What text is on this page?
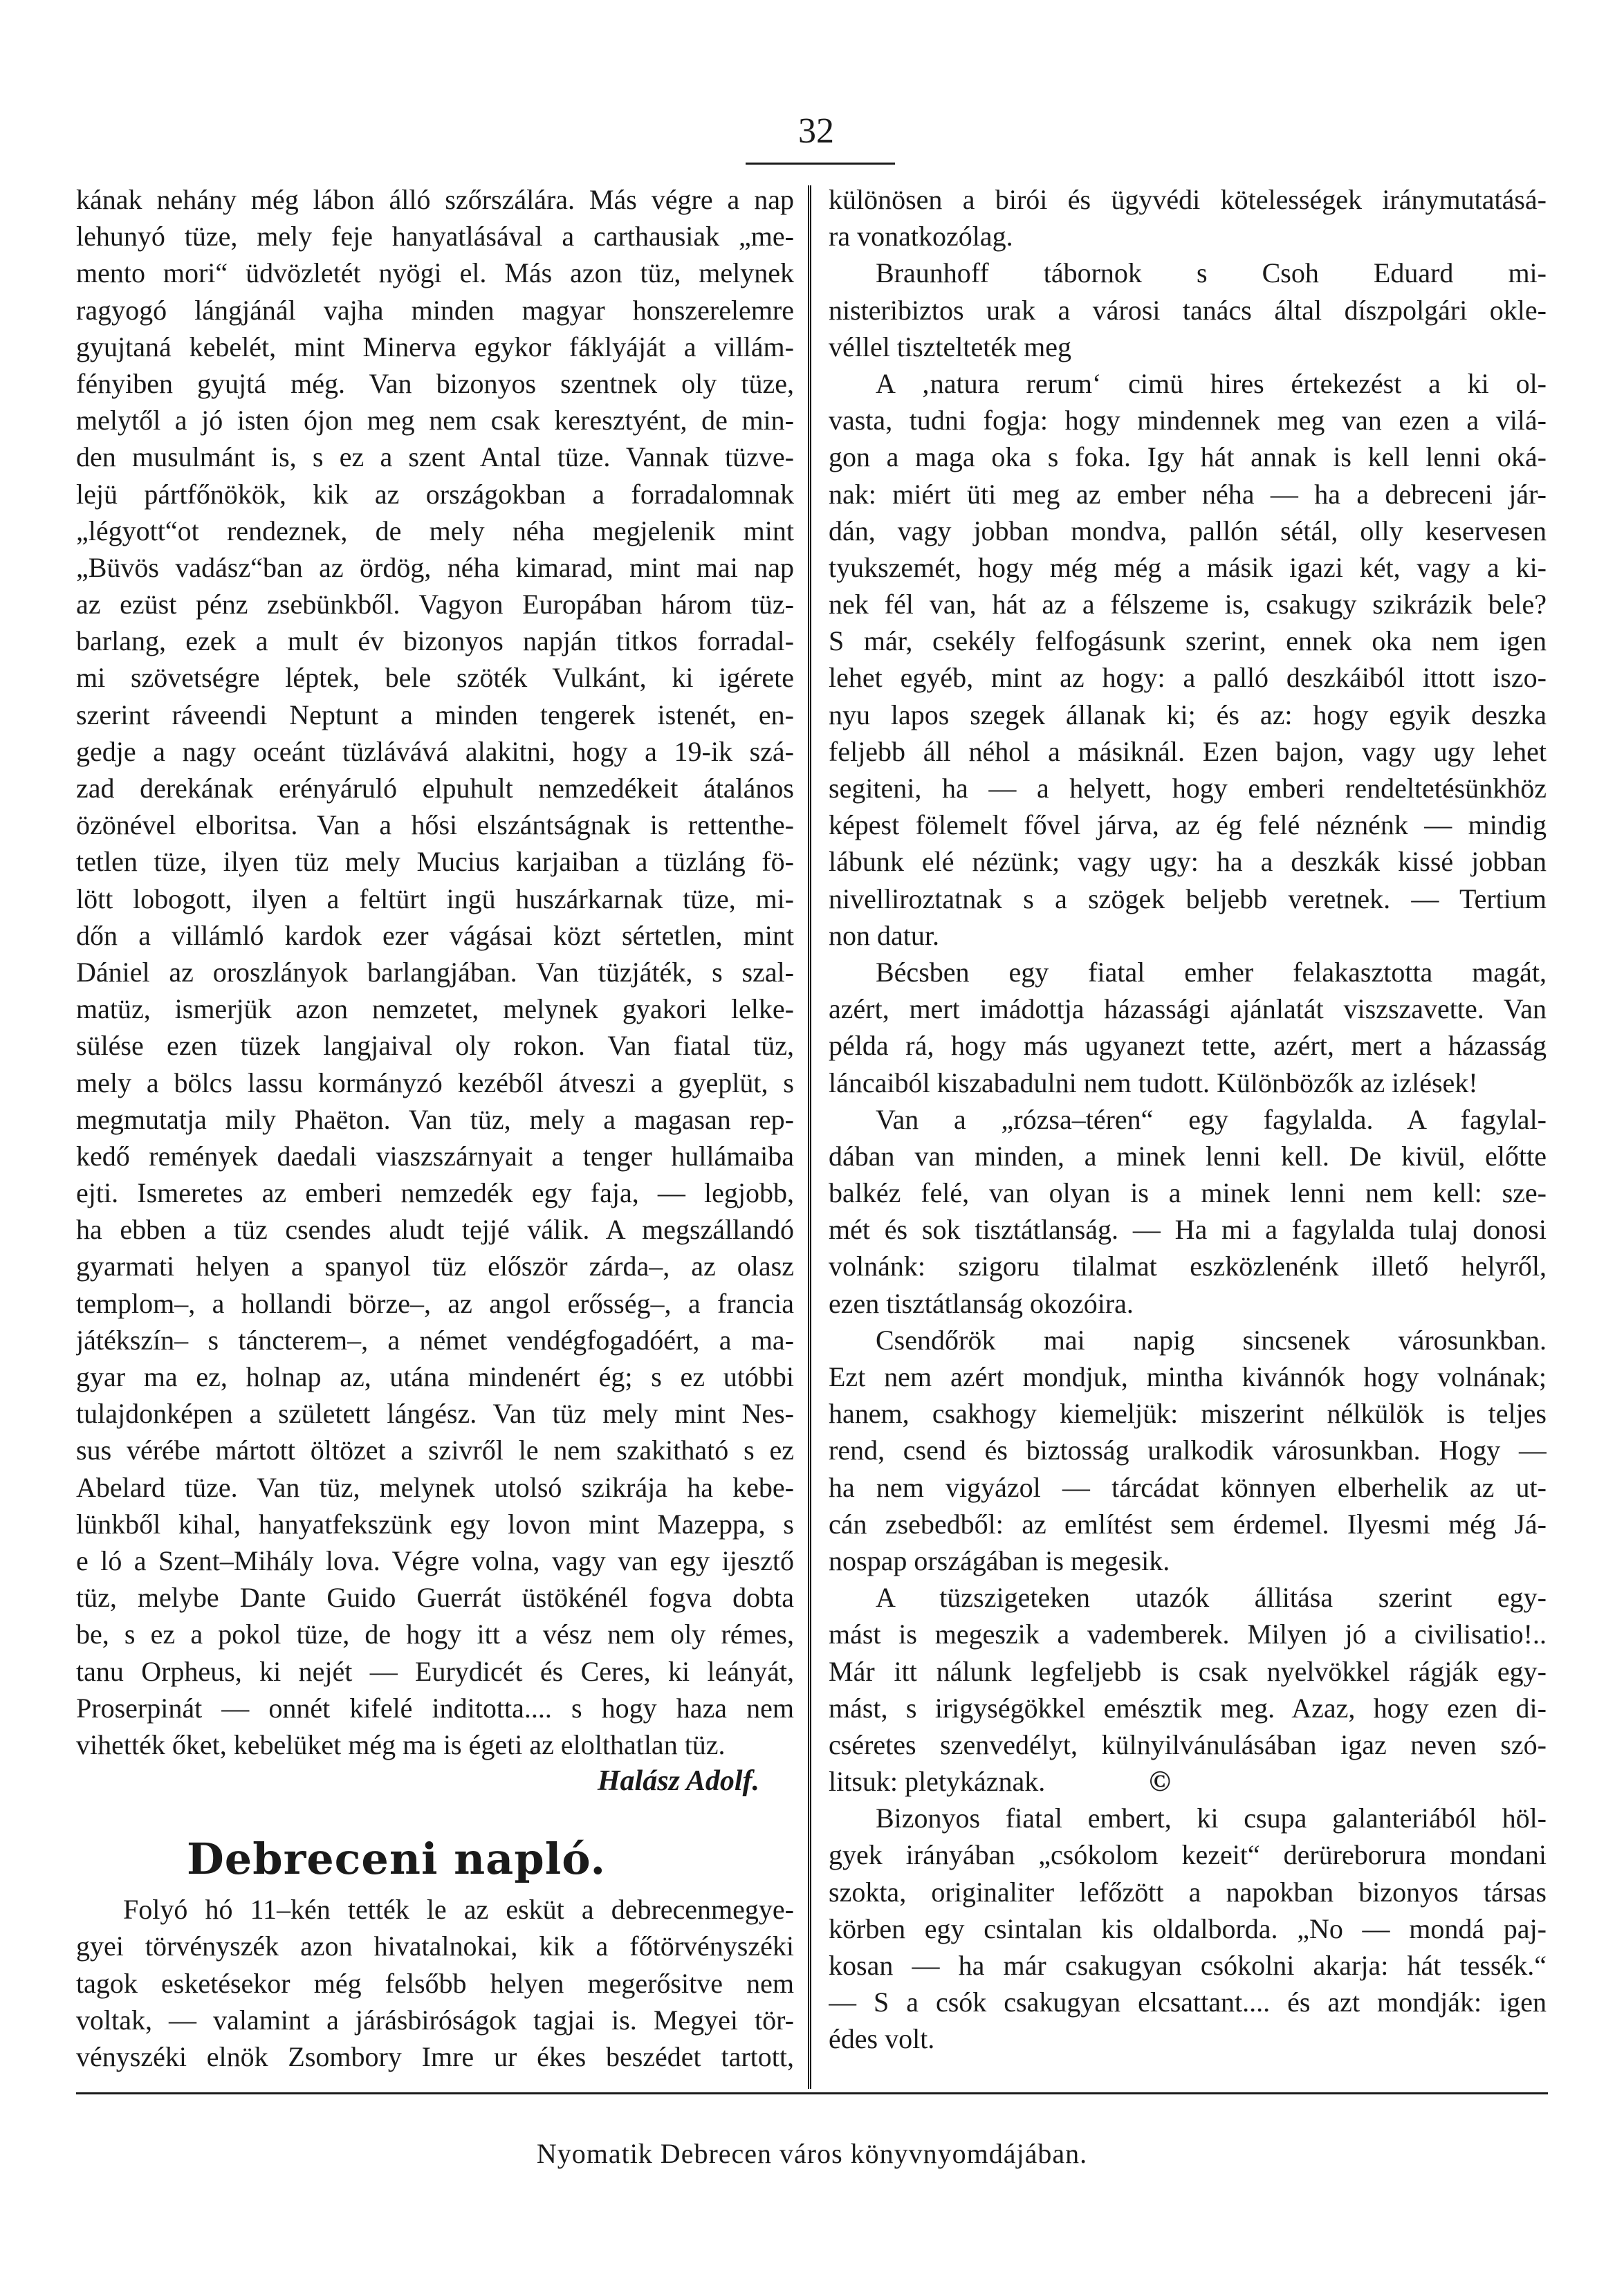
32
kának nehány még lábon álló szőrszálára. Más végre a nap
lehunyó tüze, mely feje hanyatlásával a carthausiak „me-
mento mori“ üdvözletét nyögi el. Más azon tüz, melynek
ragyogó lángjánál vajha minden magyar honszerelemre
gyujtaná kebelét, mint Minerva egykor fáklyáját a villám-
fényiben gyujtá még. Van bizonyos szentnek oly tüze,
melytől a jó isten ójon meg nem csak keresztyént, de min-
den musulmánt is, s ez a szent Antal tüze. Vannak tüzve-
lejü pártfőnökök, kik az országokban a forradalomnak
„légyott“ot rendeznek, de mely néha megjelenik mint
„Büvös vadász“ban az ördög, néha kimarad, mint mai nap
az ezüst pénz zsebünkből. Vagyon Europában három tüz-
barlang, ezek a mult év bizonyos napján titkos forradal-
mi szövetségre léptek, bele szöték Vulkánt, ki igérete
szerint ráveendi Neptunt a minden tengerek istenét, en-
gedje a nagy oceánt tüzlávává alakitni, hogy a 19-ik szá-
zad derekának erényáruló elpuhult nemzedékeit átalános
özönével elboritsa. Van a hősi elszántságnak is rettenthe-
tetlen tüze, ilyen tüz mely Mucius karjaiban a tüzláng fö-
lött lobogott, ilyen a feltürt ingü huszárkarnak tüze, mi-
dőn a villámló kardok ezer vágásai közt sértetlen, mint
Dániel az oroszlányok barlangjában. Van tüzjáték, s szal-
matüz, ismerjük azon nemzetet, melynek gyakori lelke-
sülése ezen tüzek langjaival oly rokon. Van fiatal tüz,
mely a bölcs lassu kormányzó kezéből átveszi a gyeplüt, s
megmutatja mily Phaëton. Van tüz, mely a magasan rep-
kedő remények daedali viaszszárnyait a tenger hullámaiba
ejti. Ismeretes az emberi nemzedék egy faja, — legjobb,
ha ebben a tüz csendes aludt tejjé válik. A megszállandó
gyarmati helyen a spanyol tüz először zárda–, az olasz
templom–, a hollandi börze–, az angol erősség–, a francia
játékszín– s táncterem–, a német vendégfogadóért, a ma-
gyar ma ez, holnap az, utána mindenért ég; s ez utóbbi
tulajdonképen a született lángész. Van tüz mely mint Nes-
sus vérébe mártott öltözet a szivről le nem szakitható s ez
Abelard tüze. Van tüz, melynek utolsó szikrája ha kebe-
lünkből kihal, hanyatfekszünk egy lovon mint Mazeppa, s
e ló a Szent–Mihály lova. Végre volna, vagy van egy ijesztő
tüz, melybe Dante Guido Guerrát üstökénél fogva dobta
be, s ez a pokol tüze, de hogy itt a vész nem oly rémes,
tanu Orpheus, ki nejét — Eurydicét és Ceres, ki leányát,
Proserpinát — onnét kifelé inditotta.... s hogy haza nem
vihették őket, kebelüket még ma is égeti az elolthatlan tüz.
Halász Adolf.
Debreceni napló.
Folyó hó 11–kén tették le az esküt a debrecenmegye-
gyei törvényszék azon hivatalnokai, kik a főtörvényszéki
tagok esketésekor még felsőbb helyen megerősitve nem
voltak, — valamint a járásbiróságok tagjai is. Megyei tör-
vényszéki elnök Zsombory Imre ur ékes beszédet tartott,
különösen a birói és ügyvédi kötelességek iránymutatásá-
ra vonatkozólag.
Braunhoff tábornok s Csoh Eduard mi-
nisteribiztos urak a városi tanács által díszpolgári okle-
véllel tisztelteték meg
A ‚natura rerum‘ cimü hires értekezést a ki ol-
vasta, tudni fogja: hogy mindennek meg van ezen a vilá-
gon a maga oka s foka. Igy hát annak is kell lenni oká-
nak: miért üti meg az ember néha — ha a debreceni jár-
dán, vagy jobban mondva, pallón sétál, olly keservesen
tyukszemét, hogy még még a másik igazi két, vagy a ki-
nek fél van, hát az a félszeme is, csakugy szikrázik bele?
S már, csekély felfogásunk szerint, ennek oka nem igen
lehet egyéb, mint az hogy: a palló deszkáiból ittott iszo-
nyu lapos szegek állanak ki; és az: hogy egyik deszka
feljebb áll néhol a másiknál. Ezen bajon, vagy ugy lehet
segiteni, ha — a helyett, hogy emberi rendeltetésünkhöz
képest fölemelt fővel járva, az ég felé néznénk — mindig
lábunk elé nézünk; vagy ugy: ha a deszkák kissé jobban
nivelliroztatnak s a szögek beljebb veretnek. — Tertium
non datur.
Bécsben egy fiatal emher felakasztotta magát,
azért, mert imádottja házassági ajánlatát viszszavette. Van
példa rá, hogy más ugyanezt tette, azért, mert a házasság
láncaiból kiszabadulni nem tudott. Különbözők az izlések!
Van a „rózsa–téren“ egy fagylalda. A fagylal-
dában van minden, a minek lenni kell. De kivül, előtte
balkéz felé, van olyan is a minek lenni nem kell: sze-
mét és sok tisztátlanság. — Ha mi a fagylalda tulaj donosi
volnánk: szigoru tilalmat eszközlenénk illető helyről,
ezen tisztátlanság okozóira.
Csendőrök mai napig sincsenek városunkban.
Ezt nem azért mondjuk, mintha kivánnók hogy volnának;
hanem, csakhogy kiemeljük: miszerint nélkülök is teljes
rend, csend és biztosság uralkodik városunkban. Hogy —
ha nem vigyázol — tárcádat könnyen elberhelik az ut-
cán zsebedből: az említést sem érdemel. Ilyesmi még Já-
nospap országában is megesik.
A tüzszigeteken utazók állitása szerint egy-
mást is megeszik a vademberek. Milyen jó a civilisatio!..
Már itt nálunk legfeljebb is csak nyelvökkel rágják egy-
mást, s irigységökkel emésztik meg. Azaz, hogy ezen di-
cséretes szenvedélyt, külnyilvánulásában igaz neven szó-
litsuk: pletykáznak.	©
Bizonyos fiatal embert, ki csupa galanteriából höl-
gyek irányában „csókolom kezeit“ derüreborura mondani
szokta, originaliter lefőzött a napokban bizonyos társas
körben egy csintalan kis oldalborda. „No — mondá paj-
kosan — ha már csakugyan csókolni akarja: hát tessék.“
— S a csók csakugyan elcsattant.... és azt mondják: igen
édes volt.
Nyomatik Debrecen város könyvnyomdájában.
